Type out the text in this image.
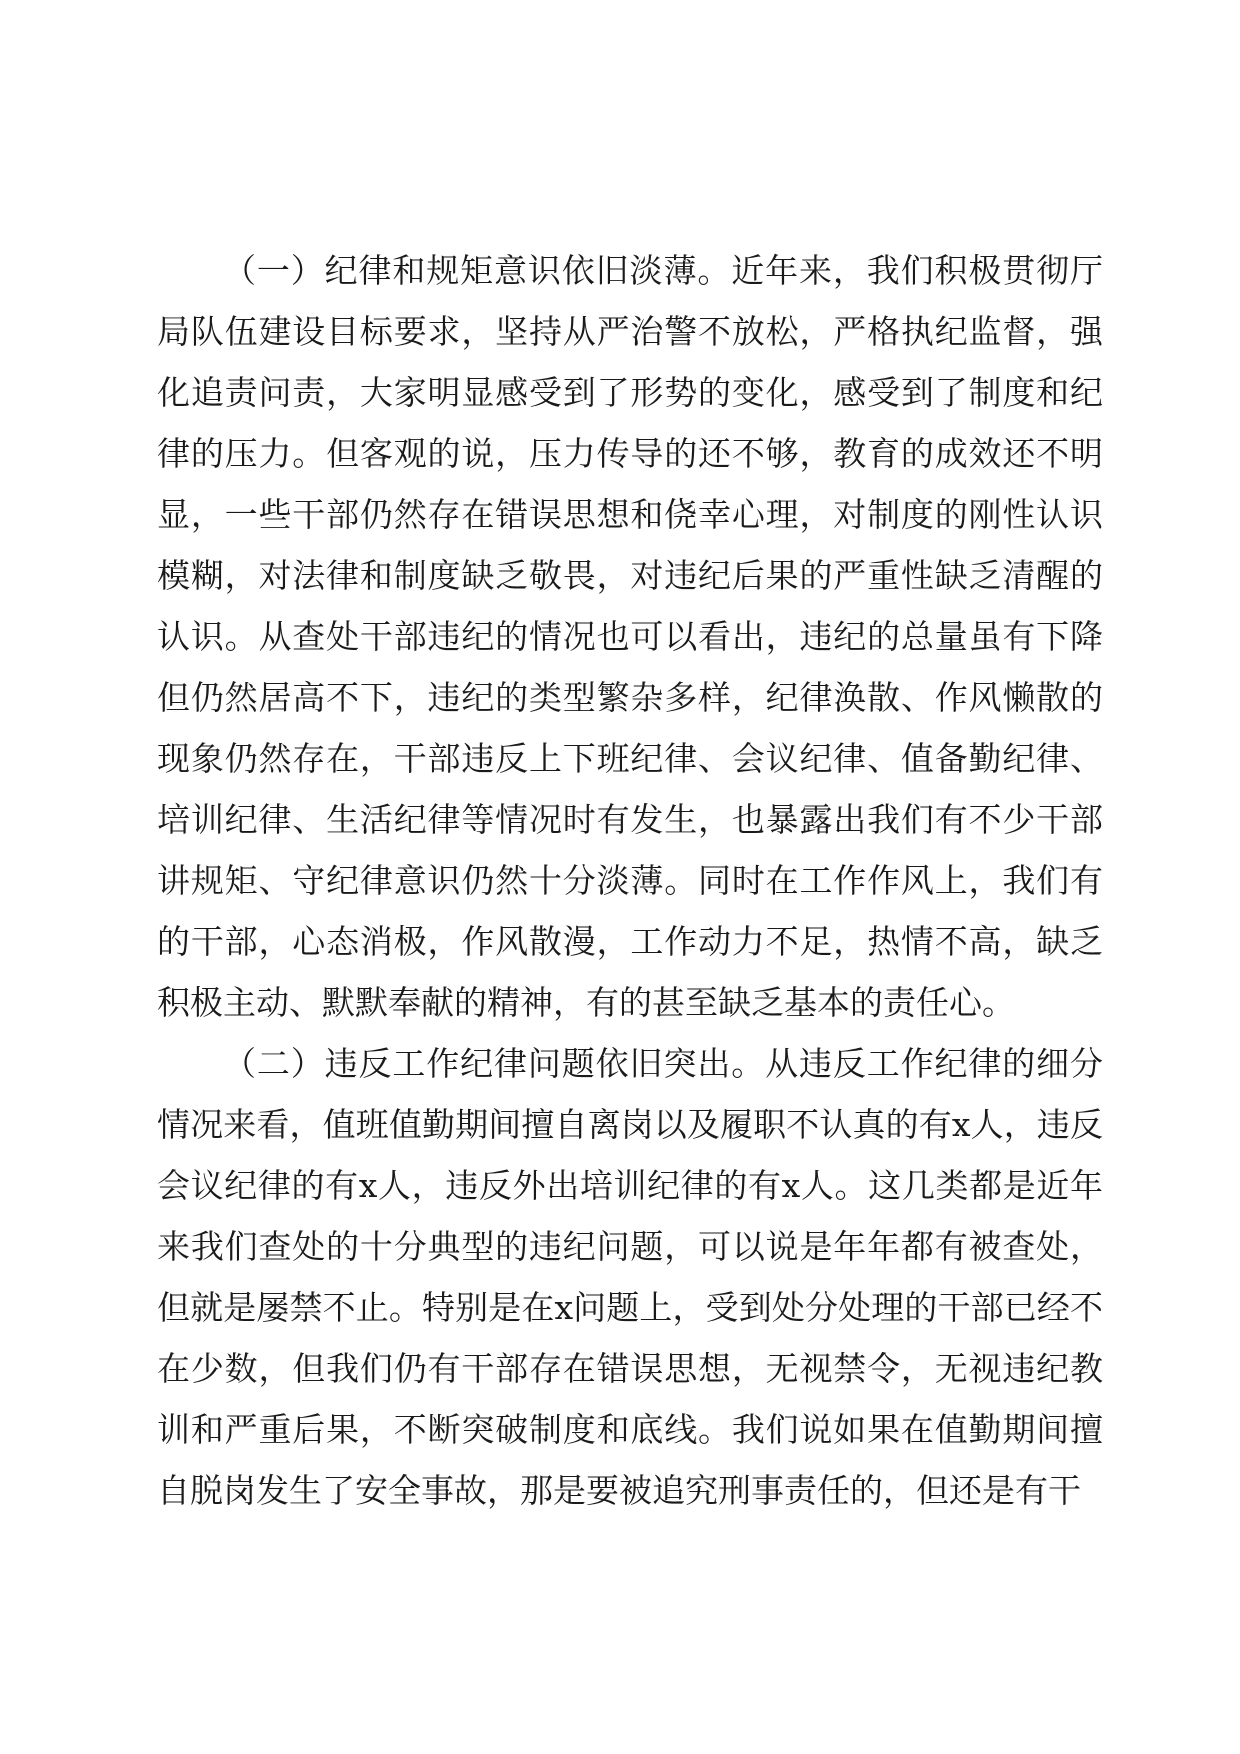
（一）纪律和规矩意识依旧淡薄。近年来，我们积极贯彻厅局队伍建设目标要求，坚持从严治警不放松，严格执纪监督，强化追责问责，大家明显感受到了形势的变化，感受到了制度和纪律的压力。但客观的说，压力传导的还不够，教育的成效还不明显，一些干部仍然存在错误思想和侥幸心理，对制度的刚性认识模糊，对法律和制度缺乏敬畏，对违纪后果的严重性缺乏清醒的认识。从查处干部违纪的情况也可以看出，违纪的总量虽有下降但仍然居高不下，违纪的类型繁杂多样，纪律涣散、作风懒散的现象仍然存在，干部违反上下班纪律、会议纪律、值备勤纪律、培训纪律、生活纪律等情况时有发生，也暴露出我们有不少干部讲规矩、守纪律意识仍然十分淡薄。同时在工作作风上，我们有的干部，心态消极，作风散漫，工作动力不足，热情不高，缺乏积极主动、默默奉献的精神，有的甚至缺乏基本的责任心。

（二）违反工作纪律问题依旧突出。从违反工作纪律的细分情况来看，值班值勤期间擅自离岗以及履职不认真的有x人，违反会议纪律的有x人，违反外出培训纪律的有x人。这几类都是近年来我们查处的十分典型的违纪问题，可以说是年年都有被查处，但就是屡禁不止。特别是在x问题上，受到处分处理的干部已经不在少数，但我们仍有干部存在错误思想，无视禁令，无视违纪教训和严重后果，不断突破制度和底线。我们说如果在值勤期间擅自脱岗发生了安全事故，那是要被追究刑事责任的，但还是有干
